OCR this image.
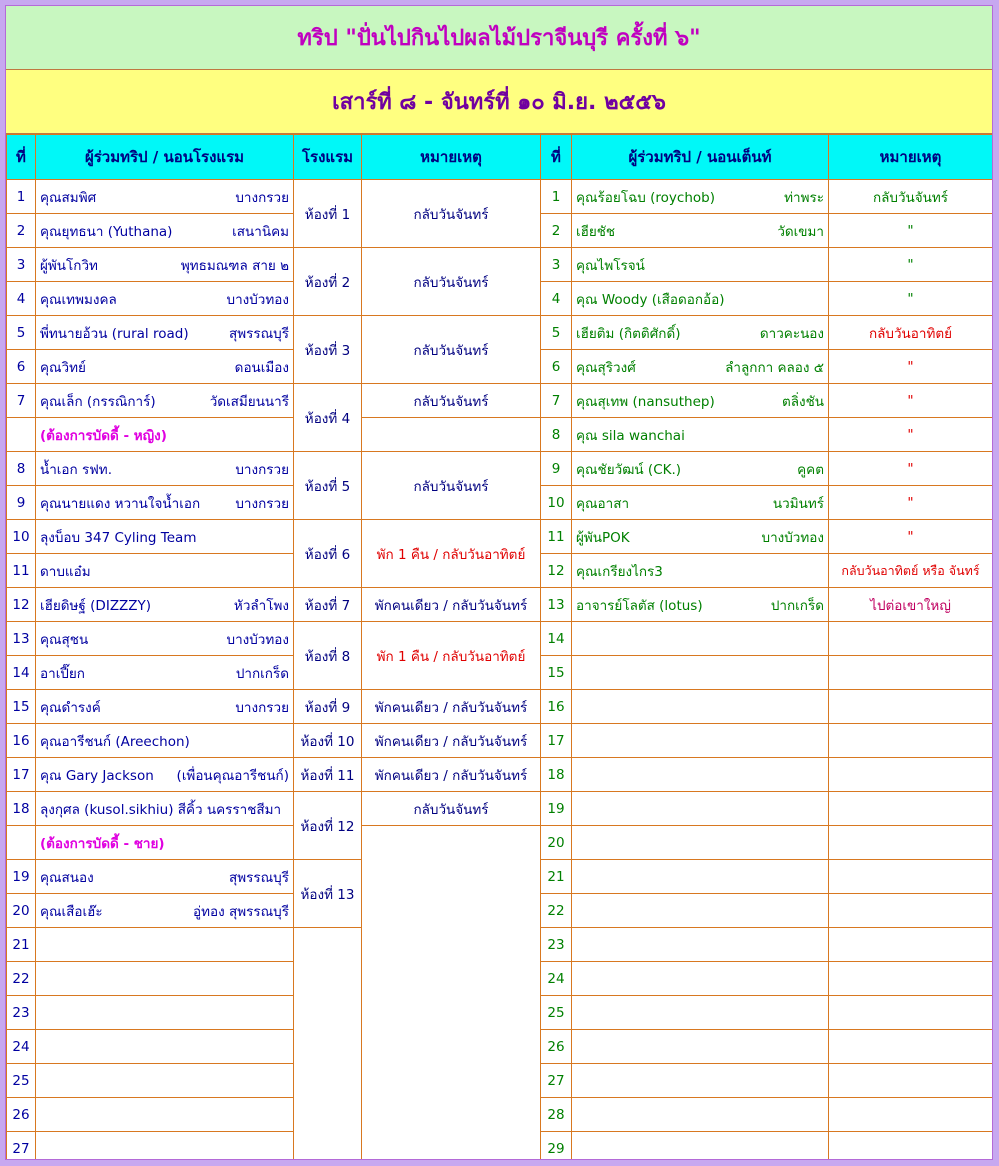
ทริป "ปั่นไปกินไปผลไม้ปราจีนบุรี ครั้งที่ ๖"
เสาร์ที่ ๘ - จันทร์ที่ ๑๐ มิ.ย. ๒๕๕๖
ที่	ผู้ร่วมทริป / นอนโรงแรม	โรงแรม	หมายเหตุ	ที่	ผู้ร่วมทริป / นอนเต็นท์	หมายเหตุ
1	คุณสมพิศ บางกรวย	ห้องที่ 1	กลับวันจันทร์	1	คุณร้อยโฉบ (roychob) ท่าพระ	กลับวันจันทร์
2	คุณยุทธนา (Yuthana) เสนานิคม			2	เฮียชัช วัดเขมา	"
3	ผู้พันโกวิท พุทธมณฑล สาย ๒	ห้องที่ 2	กลับวันจันทร์	3	คุณไพโรจน์	"
4	คุณเทพมงคล บางบัวทอง			4	คุณ Woody (เสือดอกอ้อ)	"
5	พี่ทนายอ้วน (rural road) สุพรรณบุรี	ห้องที่ 3	กลับวันจันทร์	5	เฮียติม (กิตติศักดิ์) ดาวคะนอง	กลับวันอาทิตย์
6	คุณวิทย์ ดอนเมือง			6	คุณสุริวงศ์ ลำลูกกา คลอง ๕	"
7	คุณเล็ก (กรรณิการ์) วัดเสมียนนารี	ห้องที่ 4	กลับวันจันทร์	7	คุณสุเทพ (nansuthep) ตลิ่งชัน	"

	(ต้องการบัดดี้ - หญิง)			8	คุณ sila wanchai	"
8	น้ำเอก รฟท. บางกรวย	ห้องที่ 5	กลับวันจันทร์	9	คุณชัยวัฒน์ (CK.) คูคต	"
9	คุณนายแดง หวานใจน้ำเอก บางกรวย			10	คุณอาสา นวมินทร์	"
10	ลุงบ็อบ 347 Cyling Team	ห้องที่ 6	พัก 1 คืน / กลับวันอาทิตย์	11	ผู้พันPOK บางบัวทอง	"
11	ดาบแอ๋ม			12	คุณเกรียงไกร3	กลับวันอาทิตย์ หรือ จันทร์
12	เฮียดิษฐ์ (DIZZZY) หัวลำโพง	ห้องที่ 7	พักคนเดียว / กลับวันจันทร์	13	อาจารย์โลตัส (lotus) ปากเกร็ด	ไปต่อเขาใหญ่
13	คุณสุชน บางบัวทอง	ห้องที่ 8	พัก 1 คืน / กลับวันอาทิตย์	14	

14	อาเปี๊ยก ปากเกร็ด			15	

15	คุณดำรงค์ บางกรวย	ห้องที่ 9	พักคนเดียว / กลับวันจันทร์	16	

16	คุณอารีชนก์ (Areechon)	ห้องที่ 10	พักคนเดียว / กลับวันจันทร์	17	

17	คุณ Gary Jackson (เพื่อนคุณอารีชนก์)	ห้องที่ 11	พักคนเดียว / กลับวันจันทร์	18	

18	ลุงกุศล (kusol.sikhiu) สีคิ้ว นครราชสีมา	ห้องที่ 12	กลับวันจันทร์	19	

	(ต้องการบัดดี้ - ชาย)			20	

19	คุณสนอง สุพรรณบุรี	ห้องที่ 13		21	

20	คุณเสือเฮ๊ะ อู่ทอง สุพรรณบุรี			22	

21				23	

22				24	

23				25	

24				26	

25				27	

26				28	

27				29	
